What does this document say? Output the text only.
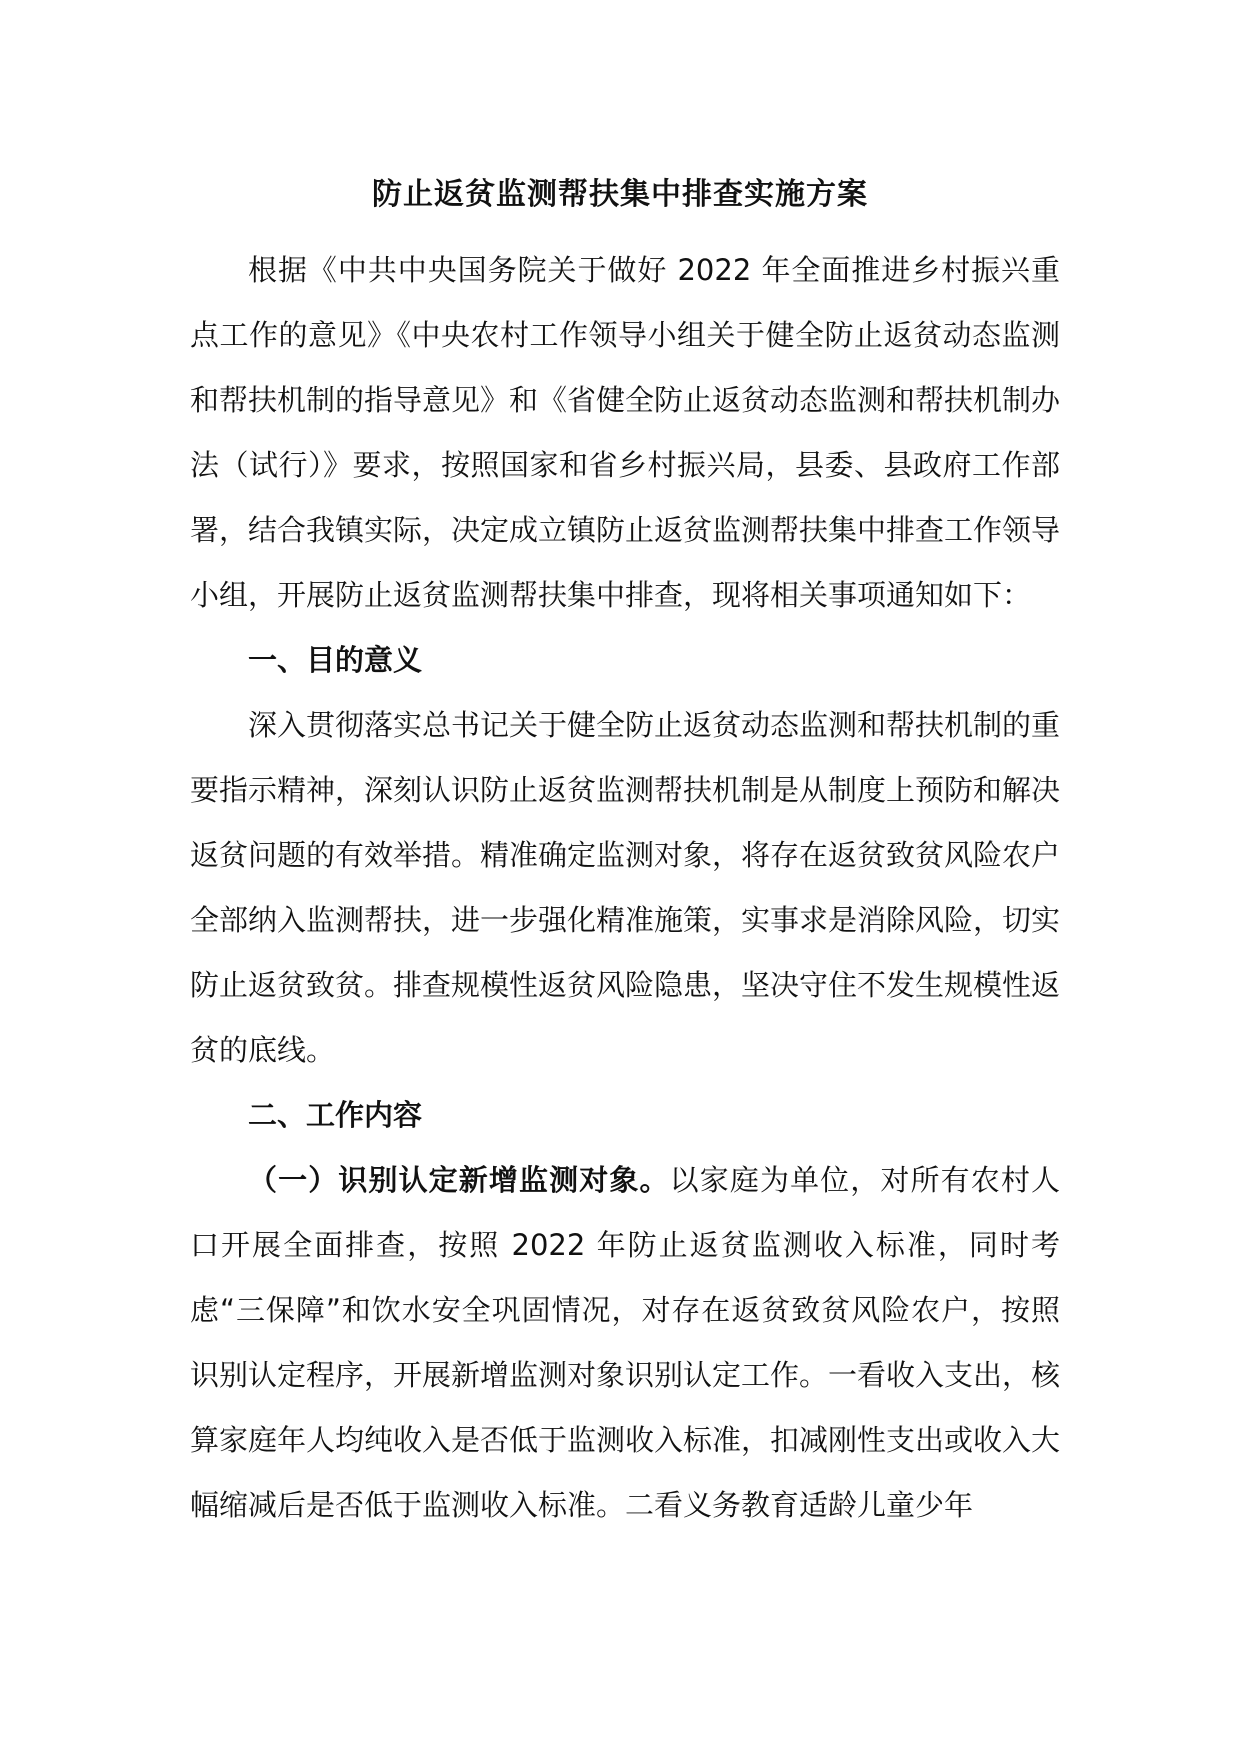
防止返贫监测帮扶集中排查实施方案

根据《中共中央国务院关于做好 2022 年全面推进乡村振兴重点工作的意见》《中央农村工作领导小组关于健全防止返贫动态监测和帮扶机制的指导意见》和《省健全防止返贫动态监测和帮扶机制办法（试行）》要求，按照国家和省乡村振兴局，县委、县政府工作部署，结合我镇实际，决定成立镇防止返贫监测帮扶集中排查工作领导小组，开展防止返贫监测帮扶集中排查，现将相关事项通知如下：

一、目的意义

深入贯彻落实总书记关于健全防止返贫动态监测和帮扶机制的重要指示精神，深刻认识防止返贫监测帮扶机制是从制度上预防和解决返贫问题的有效举措。精准确定监测对象，将存在返贫致贫风险农户全部纳入监测帮扶，进一步强化精准施策，实事求是消除风险，切实防止返贫致贫。排查规模性返贫风险隐患，坚决守住不发生规模性返贫的底线。

二、工作内容

（一）识别认定新增监测对象。以家庭为单位，对所有农村人口开展全面排查，按照 2022 年防止返贫监测收入标准，同时考虑“三保障”和饮水安全巩固情况，对存在返贫致贫风险农户，按照识别认定程序，开展新增监测对象识别认定工作。一看收入支出，核算家庭年人均纯收入是否低于监测收入标准，扣减刚性支出或收入大幅缩减后是否低于监测收入标准。二看义务教育适龄儿童少年
